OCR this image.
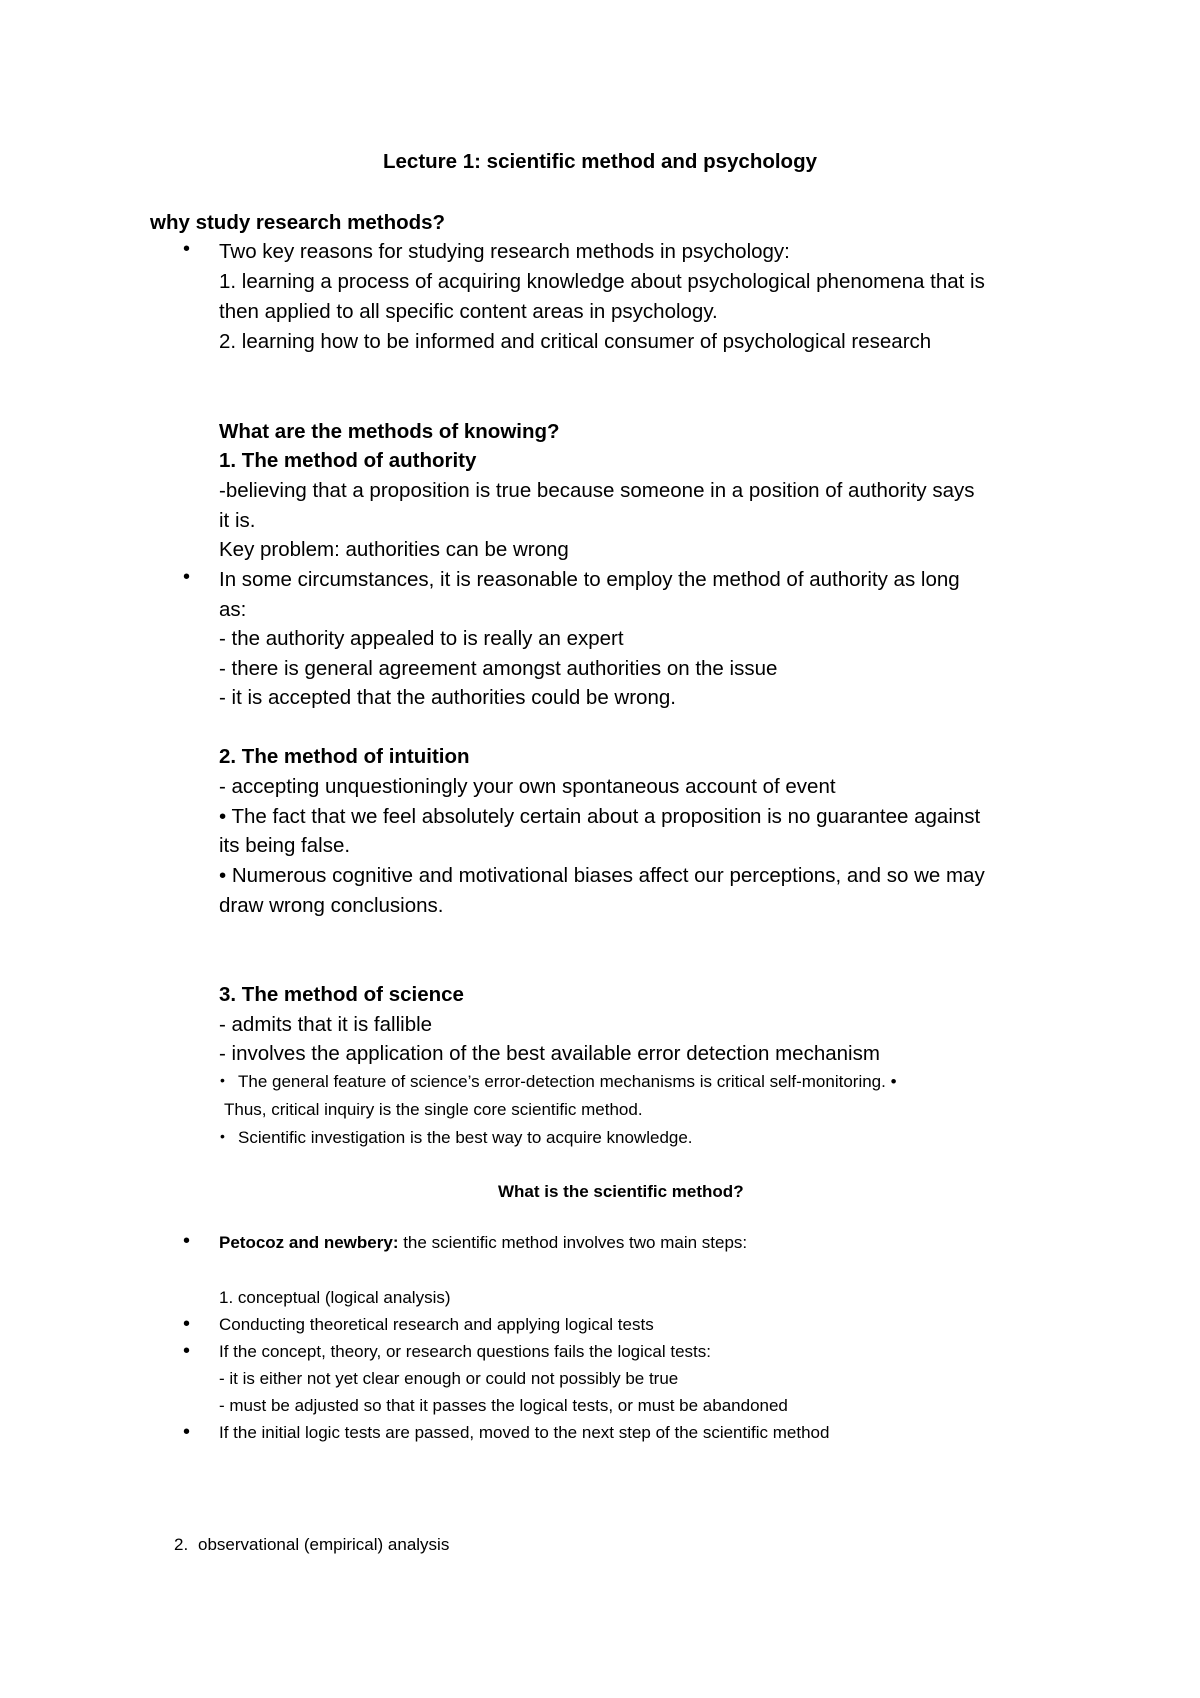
Lecture 1: scientific method and psychology
why study research methods?
• Two key reasons for studying research methods in psychology:
1. learning a process of acquiring knowledge about psychological phenomena that is
then applied to all specific content areas in psychology.
2. learning how to be informed and critical consumer of psychological research
What are the methods of knowing?
1. The method of authority
-believing that a proposition is true because someone in a position of authority says
it is.
Key problem: authorities can be wrong
• In some circumstances, it is reasonable to employ the method of authority as long
as:
- the authority appealed to is really an expert
- there is general agreement amongst authorities on the issue
- it is accepted that the authorities could be wrong.
2. The method of intuition
- accepting unquestioningly your own spontaneous account of event
• The fact that we feel absolutely certain about a proposition is no guarantee against
its being false.
• Numerous cognitive and motivational biases affect our perceptions, and so we may
draw wrong conclusions.
3. The method of science
- admits that it is fallible
- involves the application of the best available error detection mechanism
• The general feature of science’s error-detection mechanisms is critical self-monitoring. •
Thus, critical inquiry is the single core scientific method.
• Scientific investigation is the best way to acquire knowledge.
What is the scientific method?
• Petocoz and newbery: the scientific method involves two main steps:
1. conceptual (logical analysis)
• Conducting theoretical research and applying logical tests
• If the concept, theory, or research questions fails the logical tests:
- it is either not yet clear enough or could not possibly be true
- must be adjusted so that it passes the logical tests, or must be abandoned
• If the initial logic tests are passed, moved to the next step of the scientific method
2. observational (empirical) analysis
